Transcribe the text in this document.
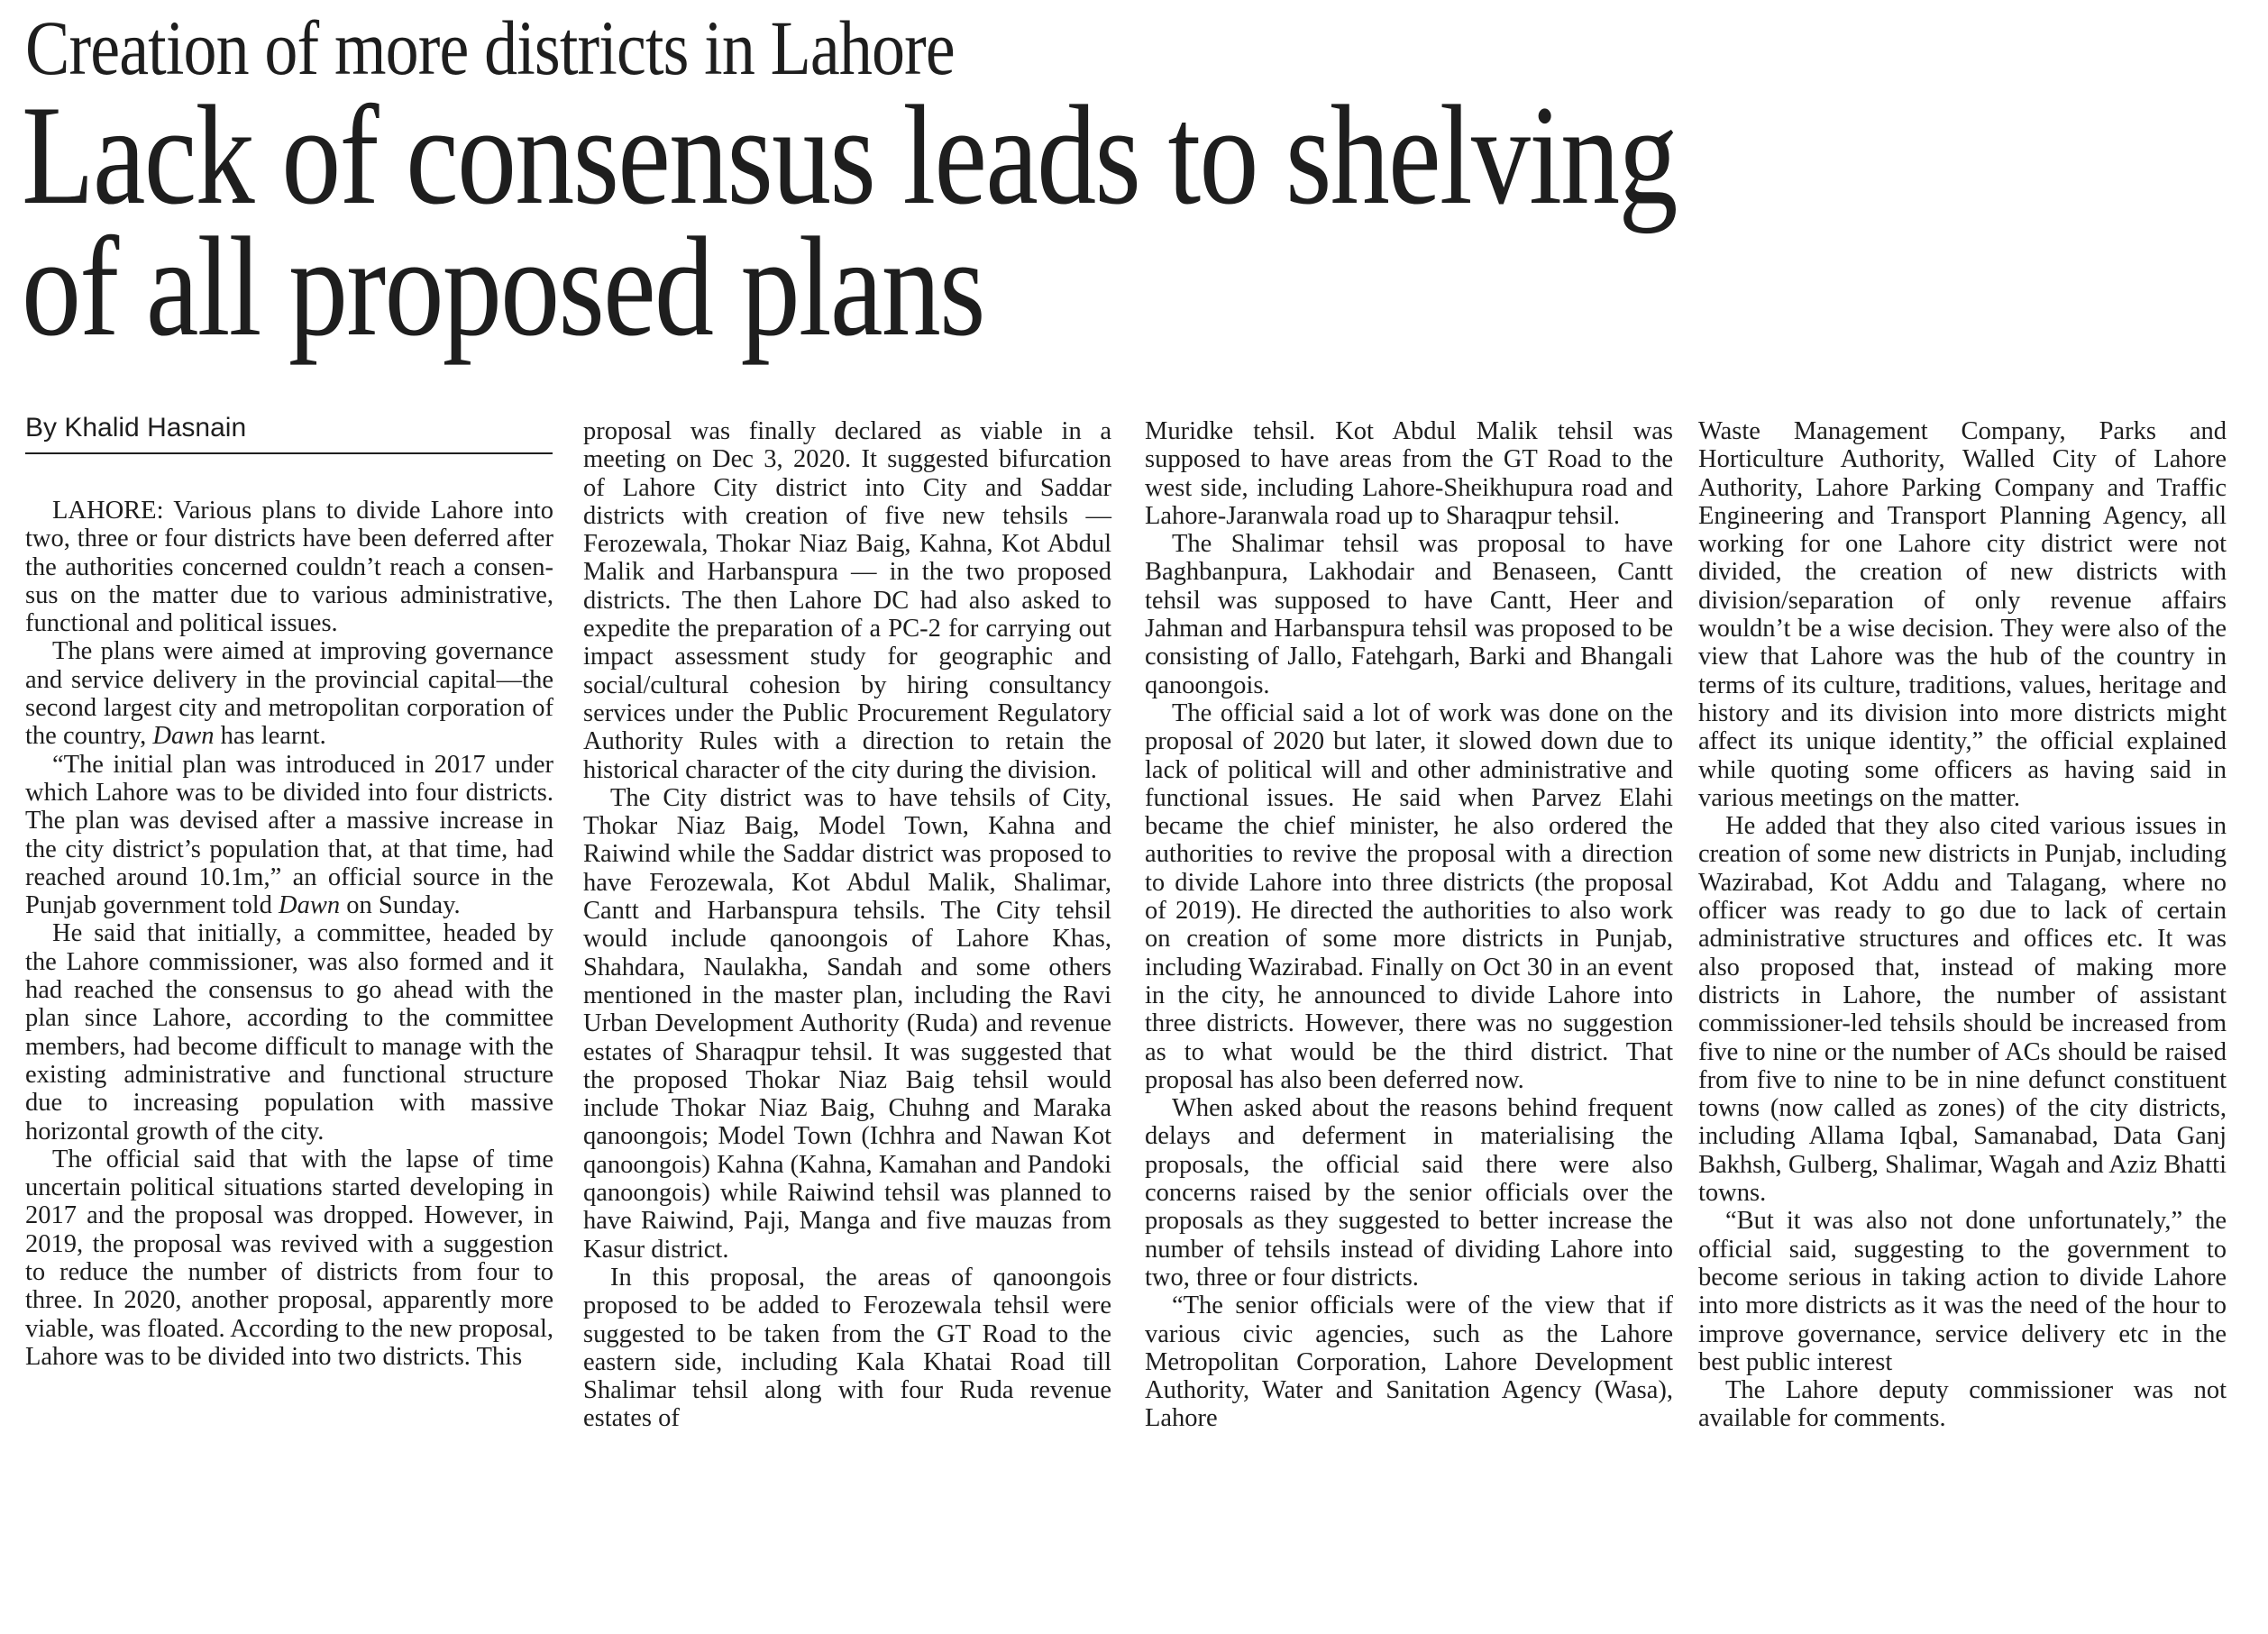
Creation of more districts in Lahore
Lack of consensus leads to shelving
of all proposed plans

By Khalid Hasnain

LAHORE: Various plans to divide Lahore into two, three or four districts have been deferred after the authorities concerned couldn’t reach a consensus on the matter due to various administrative, functional and political issues.

The plans were aimed at improving governance and service delivery in the provincial capital—the second largest city and metropolitan corporation of the country, Dawn has learnt.

“The initial plan was introduced in 2017 under which Lahore was to be divided into four districts. The plan was devised after a massive increase in the city district’s population that, at that time, had reached around 10.1m,” an official source in the Punjab government told Dawn on Sunday.

He said that initially, a committee, headed by the Lahore commissioner, was also formed and it had reached the consensus to go ahead with the plan since Lahore, according to the committee members, had become difficult to manage with the existing administrative and functional structure due to increasing population with massive horizontal growth of the city.

The official said that with the lapse of time uncertain political situations started developing in 2017 and the proposal was dropped. However, in 2019, the proposal was revived with a suggestion to reduce the number of districts from four to three. In 2020, another proposal, apparently more viable, was floated. According to the new proposal, Lahore was to be divided into two districts. This

proposal was finally declared as viable in a meeting on Dec 3, 2020. It suggested bifurcation of Lahore City district into City and Saddar districts with creation of five new tehsils — Ferozewala, Thokar Niaz Baig, Kahna, Kot Abdul Malik and Harbanspura — in the two proposed districts. The then Lahore DC had also asked to expedite the preparation of a PC-2 for carrying out impact assessment study for geographic and social/cultural cohesion by hiring consultancy services under the Public Procurement Regulatory Authority Rules with a direction to retain the historical character of the city during the division.

The City district was to have tehsils of City, Thokar Niaz Baig, Model Town, Kahna and Raiwind while the Saddar district was proposed to have Ferozewala, Kot Abdul Malik, Shalimar, Cantt and Harbanspura tehsils. The City tehsil would include qanoongois of Lahore Khas, Shahdara, Naulakha, Sandah and some others mentioned in the master plan, including the Ravi Urban Development Authority (Ruda) and revenue estates of Sharaqpur tehsil. It was suggested that the proposed Thokar Niaz Baig tehsil would include Thokar Niaz Baig, Chuhng and Maraka qanoongois; Model Town (Ichhra and Nawan Kot qanoongois) Kahna (Kahna, Kamahan and Pandoki qanoongois) while Raiwind tehsil was planned to have Raiwind, Paji, Manga and five mauzas from Kasur district.

In this proposal, the areas of qanoongois proposed to be added to Ferozewala tehsil were suggested to be taken from the GT Road to the eastern side, including Kala Khatai Road till Shalimar tehsil along with four Ruda revenue estates of

Muridke tehsil. Kot Abdul Malik tehsil was supposed to have areas from the GT Road to the west side, including Lahore-Sheikhupura road and Lahore-Jaranwala road up to Sharaqpur tehsil.

The Shalimar tehsil was proposal to have Baghbanpura, Lakhodair and Benaseen, Cantt tehsil was supposed to have Cantt, Heer and Jahman and Harbanspura tehsil was proposed to be consisting of Jallo, Fatehgarh, Barki and Bhangali qanoongois.

The official said a lot of work was done on the proposal of 2020 but later, it slowed down due to lack of political will and other administrative and functional issues. He said when Parvez Elahi became the chief minister, he also ordered the authorities to revive the proposal with a direction to divide Lahore into three districts (the proposal of 2019). He directed the authorities to also work on creation of some more districts in Punjab, including Wazirabad. Finally on Oct 30 in an event in the city, he announced to divide Lahore into three districts. However, there was no suggestion as to what would be the third district. That proposal has also been deferred now.

When asked about the reasons behind frequent delays and deferment in materialising the proposals, the official said there were also concerns raised by the senior officials over the proposals as they suggested to better increase the number of tehsils instead of dividing Lahore into two, three or four districts.

“The senior officials were of the view that if various civic agencies, such as the Lahore Metropolitan Corporation, Lahore Development Authority, Water and Sanitation Agency (Wasa), Lahore

Waste Management Company, Parks and Horticulture Authority, Walled City of Lahore Authority, Lahore Parking Company and Traffic Engineering and Transport Planning Agency, all working for one Lahore city district were not divided, the creation of new districts with division/separation of only revenue affairs wouldn’t be a wise decision. They were also of the view that Lahore was the hub of the country in terms of its culture, traditions, values, heritage and history and its division into more districts might affect its unique identity,” the official explained while quoting some officers as having said in various meetings on the matter.

He added that they also cited various issues in creation of some new districts in Punjab, including Wazirabad, Kot Addu and Talagang, where no officer was ready to go due to lack of certain administrative structures and offices etc. It was also proposed that, instead of making more districts in Lahore, the number of assistant commissioner-led tehsils should be increased from five to nine or the number of ACs should be raised from five to nine to be in nine defunct constituent towns (now called as zones) of the city districts, including Allama Iqbal, Samanabad, Data Ganj Bakhsh, Gulberg, Shalimar, Wagah and Aziz Bhatti towns.

“But it was also not done unfortunately,” the official said, suggesting to the government to become serious in taking action to divide Lahore into more districts as it was the need of the hour to improve governance, service delivery etc in the best public interest

The Lahore deputy commissioner was not available for comments.
